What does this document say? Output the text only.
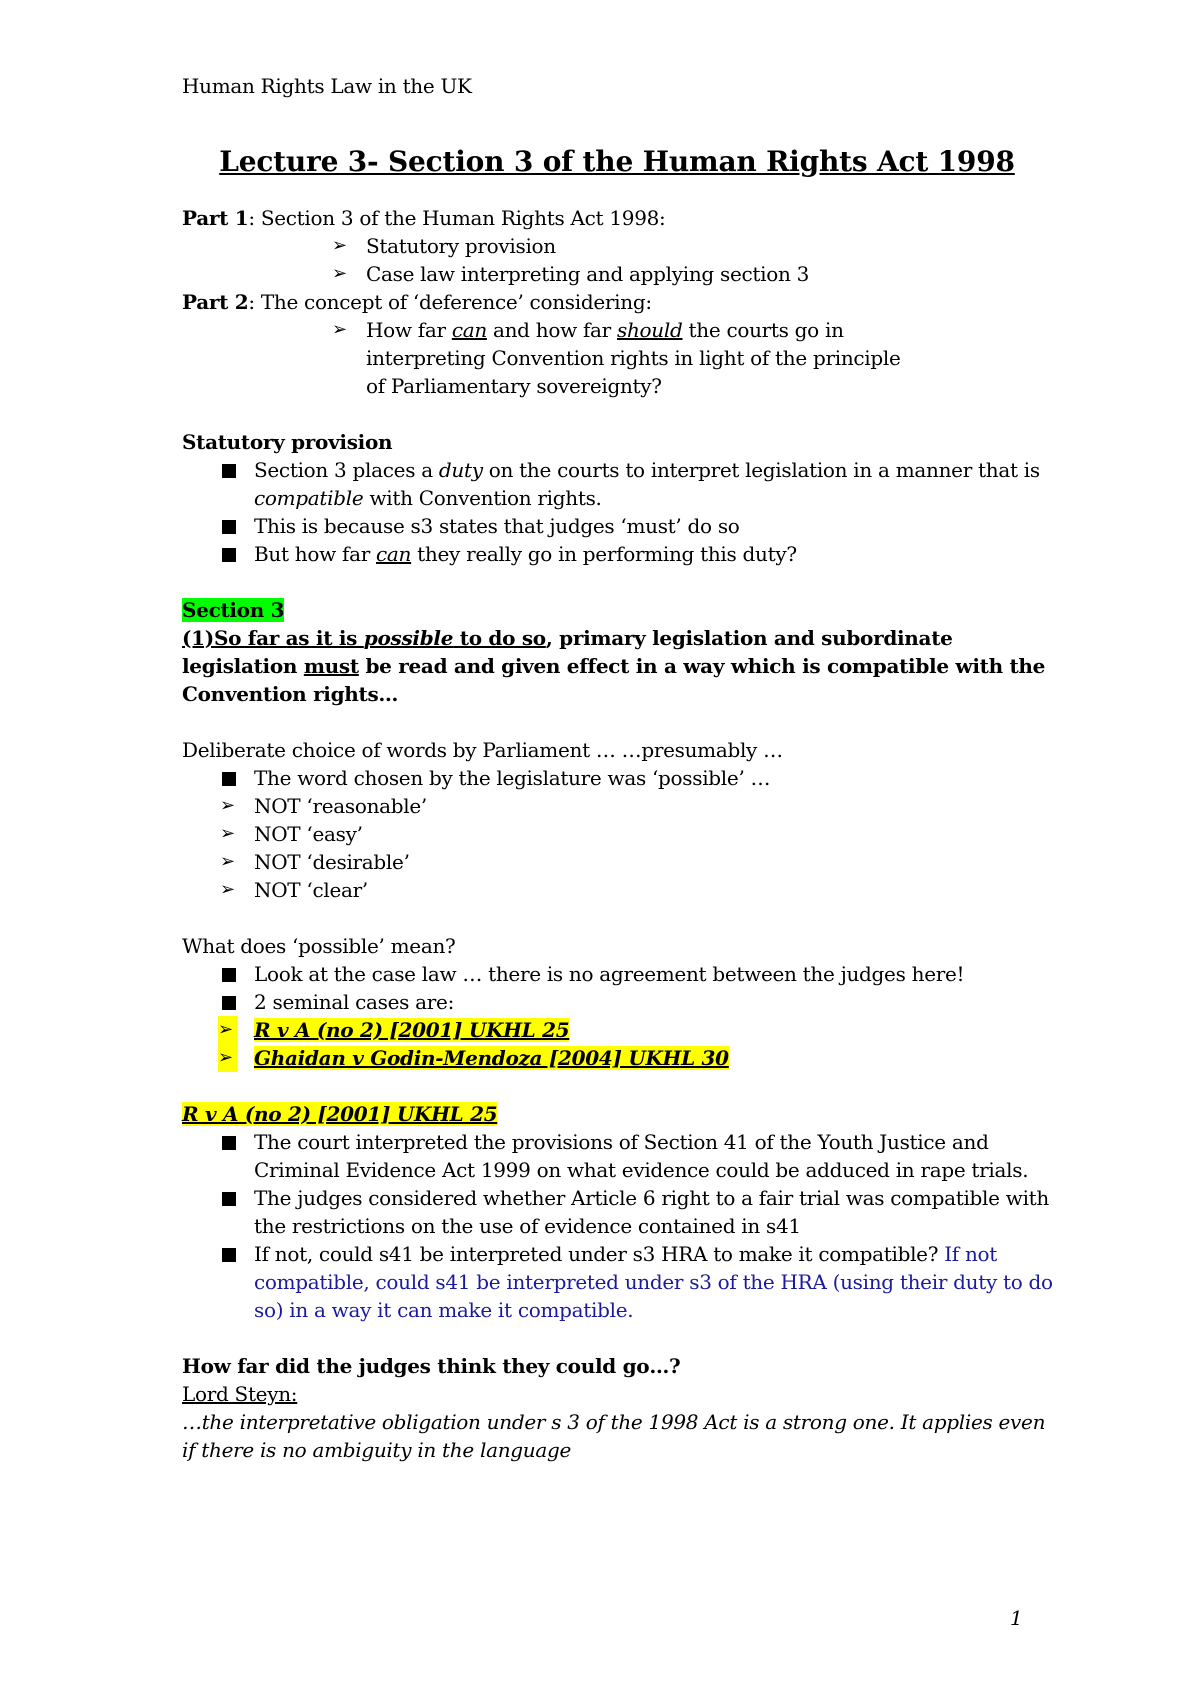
Human Rights Law in the UK
Lecture 3- Section 3 of the Human Rights Act 1998
Part 1: Section 3 of the Human Rights Act 1998:
➢ Statutory provision
➢ Case law interpreting and applying section 3
Part 2: The concept of ‘deference’ considering:
➢ How far can and how far should the courts go in interpreting Convention rights in light of the principle of Parliamentary sovereignty?
Statutory provision
Section 3 places a duty on the courts to interpret legislation in a manner that is compatible with Convention rights.
This is because s3 states that judges ‘must’ do so
But how far can they really go in performing this duty?
Section 3
(1)So far as it is possible to do so, primary legislation and subordinate legislation must be read and given effect in a way which is compatible with the Convention rights…
Deliberate choice of words by Parliament … …presumably …
The word chosen by the legislature was ‘possible’ …
➢ NOT ‘reasonable’
➢ NOT ‘easy’
➢ NOT ‘desirable’
➢ NOT ‘clear’
What does ‘possible’ mean?
Look at the case law … there is no agreement between the judges here!
2 seminal cases are:
➢ R v A (no 2) [2001] UKHL 25
➢ Ghaidan v Godin-Mendoza [2004] UKHL 30
R v A (no 2) [2001] UKHL 25
The court interpreted the provisions of Section 41 of the Youth Justice and Criminal Evidence Act 1999 on what evidence could be adduced in rape trials.
The judges considered whether Article 6 right to a fair trial was compatible with the restrictions on the use of evidence contained in s41
If not, could s41 be interpreted under s3 HRA to make it compatible? If not compatible, could s41 be interpreted under s3 of the HRA (using their duty to do so) in a way it can make it compatible.
How far did the judges think they could go…?
Lord Steyn:
…the interpretative obligation under s 3 of the 1998 Act is a strong one. It applies even if there is no ambiguity in the language
1
